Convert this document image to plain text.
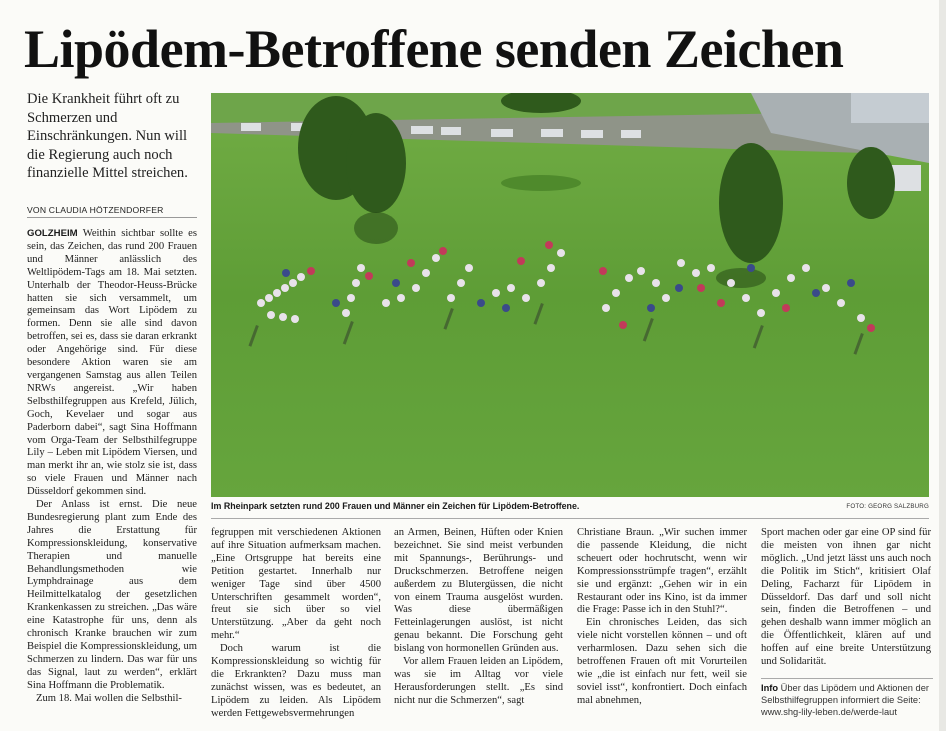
Lipödem-Betroffene senden Zeichen
Die Krankheit führt oft zu Schmerzen und Einschränkungen. Nun will die Regierung auch noch finanzielle Mittel streichen.
VON CLAUDIA HÖTZENDORFER

GOLZHEIM Weithin sichtbar sollte es sein, das Zeichen, das rund 200 Frauen und Männer anlässlich des Weltlipödem-Tags am 18. Mai setzten. Unterhalb der Theodor-Heuss-Brücke hatten sie sich versammelt, um gemeinsam das Wort Lipödem zu formen. Denn sie alle sind davon betroffen, sei es, dass sie daran erkrankt oder Angehörige sind. Für diese besondere Aktion waren sie am vergangenen Samstag aus allen Teilen NRWs angereist. „Wir haben Selbsthilfegruppen aus Krefeld, Jülich, Goch, Kevelaer und sogar aus Paderborn dabei“, sagt Sina Hoffmann vom Orga-Team der Selbsthilfegruppe Lily – Leben mit Lipödem Viersen, und man merkt ihr an, wie stolz sie ist, dass so viele Frauen und Männer nach Düsseldorf gekommen sind.

Der Anlass ist ernst. Die neue Bundesregierung plant zum Ende des Jahres die Erstattung für Kompressionskleidung, konservative Therapien und manuelle Behandlungsmethoden wie Lymphdrainage aus dem Heilmittelkatalog der gesetzlichen Krankenkassen zu streichen. „Das wäre eine Katastrophe für uns, denn als chronisch Kranke brauchen wir zum Beispiel die Kompressionskleidung, um Schmerzen zu lindern. Das war für uns das Signal, laut zu werden“, erklärt Sina Hoffmann die Problematik.

Zum 18. Mai wollen die Selbsthil-

Im Rheinpark setzten rund 200 Frauen und Männer ein Zeichen für Lipödem-Betroffene.	FOTO: GEORG SALZBURG

fegruppen mit verschiedenen Aktionen auf ihre Situation aufmerksam machen. „Eine Ortsgruppe hat bereits eine Petition gestartet. Innerhalb nur weniger Tage sind über 4500 Unterschriften gesammelt worden“, freut sie sich über so viel Unterstützung. „Aber da geht noch mehr.“

Doch warum ist die Kompressionskleidung so wichtig für die Erkrankten? Dazu muss man zunächst wissen, was es bedeutet, an Lipödem zu leiden. Als Lipödem werden Fettgewebsvermehrungen

an Armen, Beinen, Hüften oder Knien bezeichnet. Sie sind meist verbunden mit Spannungs-, Berührungs- und Druckschmerzen. Betroffene neigen außerdem zu Blutergüssen, die nicht von einem Trauma ausgelöst wurden. Was diese übermäßigen Fetteinlagerungen auslöst, ist nicht genau bekannt. Die Forschung geht bislang von hormonellen Gründen aus.

Vor allem Frauen leiden an Lipödem, was sie im Alltag vor viele Herausforderungen stellt. „Es sind nicht nur die Schmerzen“, sagt

Christiane Braun. „Wir suchen immer die passende Kleidung, die nicht scheuert oder hochrutscht, wenn wir Kompressionsstrümpfe tragen“, erzählt sie und ergänzt: „Gehen wir in ein Restaurant oder ins Kino, ist da immer die Frage: Passe ich in den Stuhl?“.

Ein chronisches Leiden, das sich viele nicht vorstellen können – und oft verharmlosen. Dazu sehen sich die betroffenen Frauen oft mit Vorurteilen wie „die ist einfach nur fett, weil sie soviel isst“, konfrontiert. Doch einfach mal abnehmen,

Sport machen oder gar eine OP sind für die meisten von ihnen gar nicht möglich. „Und jetzt lässt uns auch noch die Politik im Stich“, kritisiert Olaf Deling, Facharzt für Lipödem in Düsseldorf. Das darf und soll nicht sein, finden die Betroffenen – und gehen deshalb wann immer möglich an die Öffentlichkeit, klären auf und hoffen auf eine breite Unterstützung und Solidarität.

Info Über das Lipödem und Aktionen der Selbsthilfegruppen informiert die Seite: www.shg-lily-leben.de/werde-laut
